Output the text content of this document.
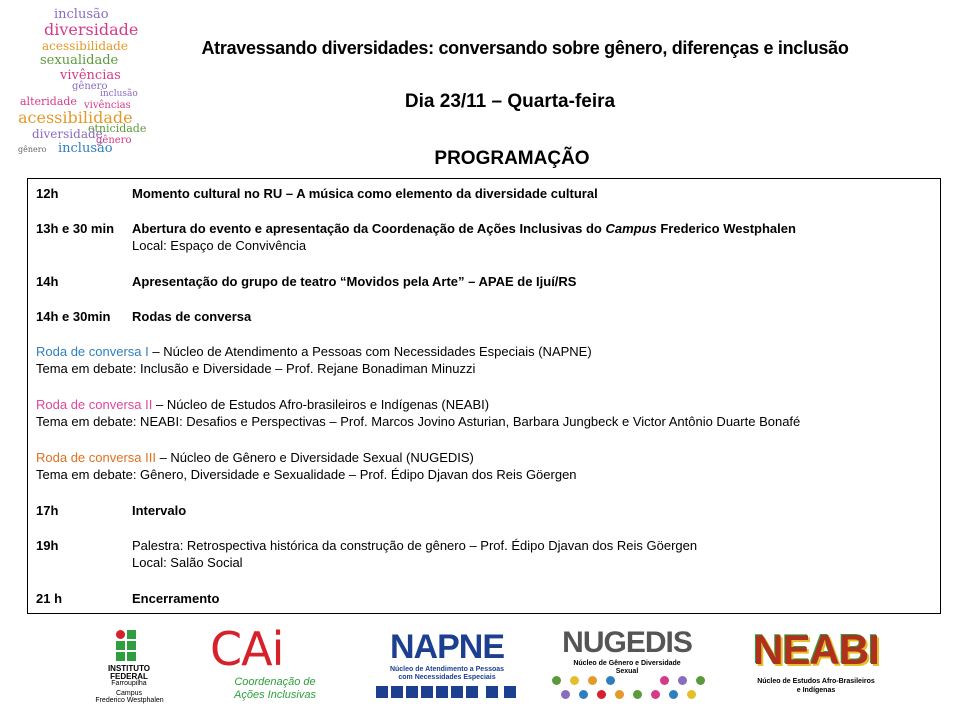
inclusão
diversidade
acessibilidade
sexualidade
vivências
gênero
inclusão
alteridade vivências
acessibilidade
etnicidade
diversidade
gênero
inclusão
gênero
Atravessando diversidades: conversando sobre gênero, diferenças e inclusão
Dia 23/11 – Quarta-feira
PROGRAMAÇÃO
12h	Momento cultural no RU – A música como elemento da diversidade cultural
13h e 30 min Abertura do evento e apresentação da Coordenação de Ações Inclusivas do Campus Frederico Westphalen
Local: Espaço de Convivência
14h	Apresentação do grupo de teatro “Movidos pela Arte” – APAE de Ijuí/RS
14h e 30min Rodas de conversa
Roda de conversa I – Núcleo de Atendimento a Pessoas com Necessidades Especiais (NAPNE)
Tema em debate: Inclusão e Diversidade – Prof. Rejane Bonadiman Minuzzi
Roda de conversa II – Núcleo de Estudos Afro-brasileiros e Indígenas (NEABI)
Tema em debate: NEABI: Desafios e Perspectivas – Prof. Marcos Jovino Asturian, Barbara Jungbeck e Victor Antônio Duarte Bonafé
Roda de conversa III – Núcleo de Gênero e Diversidade Sexual (NUGEDIS)
Tema em debate: Gênero, Diversidade e Sexualidade – Prof. Édipo Djavan dos Reis Göergen
17h	Intervalo
19h	Palestra: Retrospectiva histórica da construção de gênero – Prof. Édipo Djavan dos Reis Göergen
Local: Salão Social
21 h	Encerramento
INSTITUTO
FEDERAL
Farroupilha
Campus
Frederico Westphalen
CAi
Coordenação de
Ações Inclusivas
NAPNE
Núcleo de Atendimento a Pessoas
com Necessidades Especiais
NUGEDIS
Núcleo de Gênero e Diversidade
Sexual	NEABI
Núcleo de Estudos Afro-Brasileiros
e Indígenas
